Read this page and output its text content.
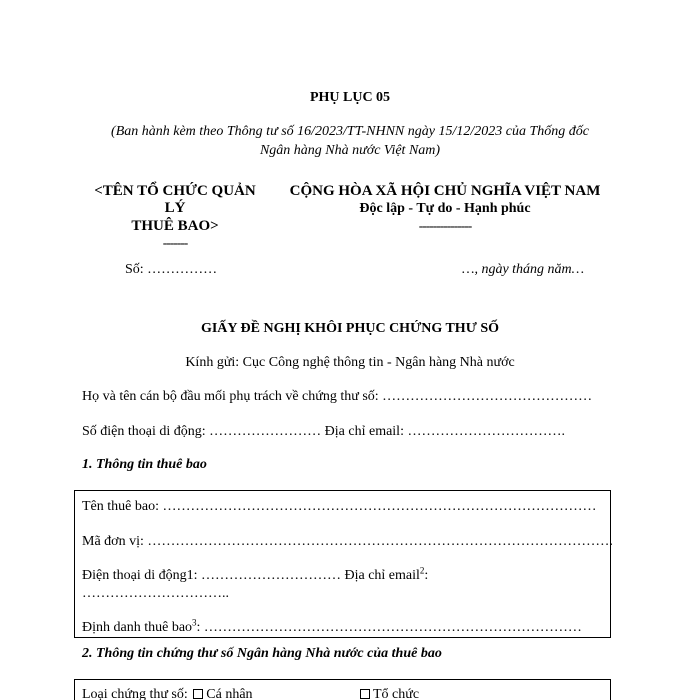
PHỤ LỤC 05
(Ban hành kèm theo Thông tư số 16/2023/TT-NHNN ngày 15/12/2023 của Thống đốc
Ngân hàng Nhà nước Việt Nam)
<TÊN TỔ CHỨC QUẢN
LÝ
THUÊ BAO>
-------
Số: ……………
CỘNG HÒA XÃ HỘI CHỦ NGHĨA VIỆT NAM
Độc lập - Tự do - Hạnh phúc
---------------
…, ngày tháng năm…
GIẤY ĐỀ NGHỊ KHÔI PHỤC CHỨNG THƯ SỐ
Kính gửi: Cục Công nghệ thông tin - Ngân hàng Nhà nước
Họ và tên cán bộ đầu mối phụ trách về chứng thư số: ………………………………………
Số điện thoại di động: …………………… Địa chỉ email: …………………………….
1. Thông tin thuê bao
Tên thuê bao: …………………………………………………………………………………
Mã đơn vị: ……………………………………………………………………………………….
Điện thoại di động1: ………………………… Địa chỉ email$^2$:
…………………………..
Định danh thuê bao$^3$: ………………………………………………………………………
2. Thông tin chứng thư số Ngân hàng Nhà nước của thuê bao
Loại chứng thư số: Cá nhân	Tổ chức
